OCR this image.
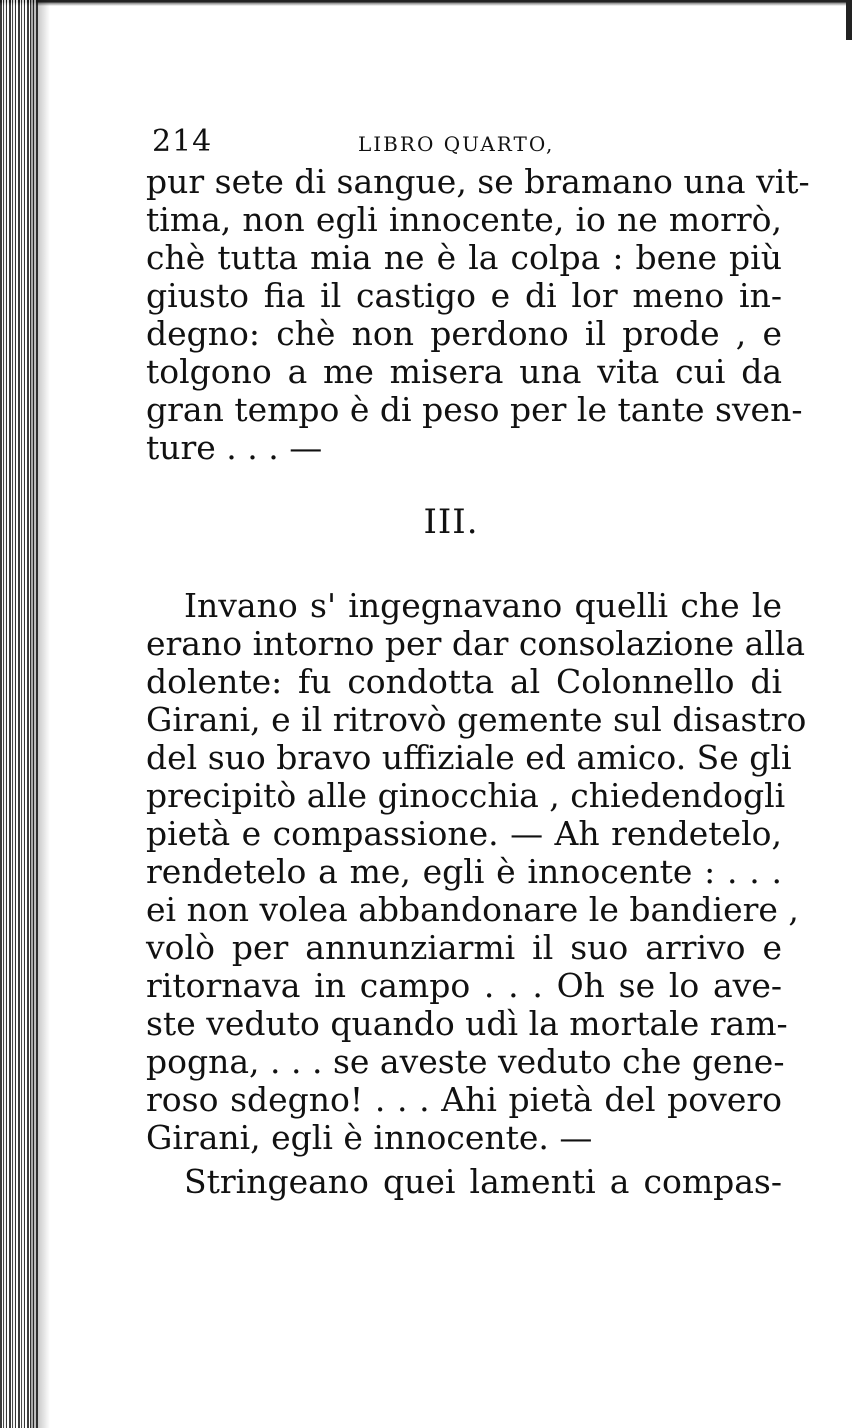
214	LIBRO QUARTO,
pur sete di sangue, se bramano una vit-
tima, non egli innocente, io ne morrò,
chè tutta mia ne è la colpa : bene più
giusto fia il castigo e di lor meno in-
degno: chè non perdono il prode , e
tolgono a me misera una vita cui da
gran tempo è di peso per le tante sven-
ture . . . —
III.
Invano s' ingegnavano quelli che le
erano intorno per dar consolazione alla
dolente: fu condotta al Colonnello di
Girani, e il ritrovò gemente sul disastro
del suo bravo uffiziale ed amico. Se gli
precipitò alle ginocchia , chiedendogli
pietà e compassione. — Ah rendetelo,
rendetelo a me, egli è innocente : . . .
ei non volea abbandonare le bandiere ,
volò per annunziarmi il suo arrivo e
ritornava in campo . . . Oh se lo ave-
ste veduto quando udì la mortale ram-
pogna, . . . se aveste veduto che gene-
roso sdegno! . . . Ahi pietà del povero
Girani, egli è innocente. —
Stringeano quei lamenti a compas-
